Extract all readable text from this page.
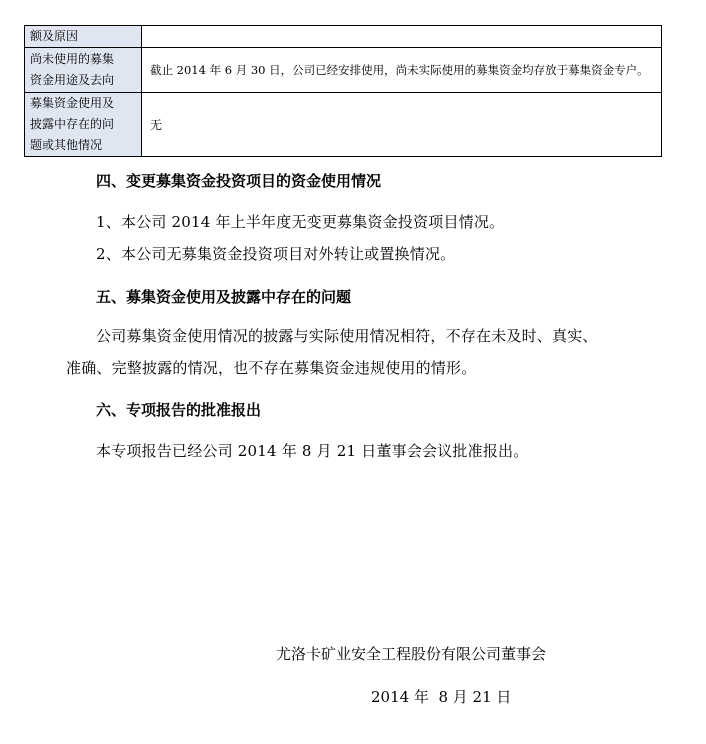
额及原因	

尚未使用的募集
资金用途及去向	截止 2014 年 6 月 30 日，公司已经安排使用，尚未实际使用的募集资金均存放于募集资金专户。

募集资金使用及
披露中存在的问
题或其他情况	无
四、变更募集资金投资项目的资金使用情况
1、本公司 2014 年上半年度无变更募集资金投资项目情况。
2、本公司无募集资金投资项目对外转让或置换情况。
五、募集资金使用及披露中存在的问题
公司募集资金使用情况的披露与实际使用情况相符，不存在未及时、真实、
准确、完整披露的情况，也不存在募集资金违规使用的情形。
六、专项报告的批准报出
本专项报告已经公司 2014 年 8 月 21 日董事会会议批准报出。
尤洛卡矿业安全工程股份有限公司董事会
2014 年  8 月 21 日
